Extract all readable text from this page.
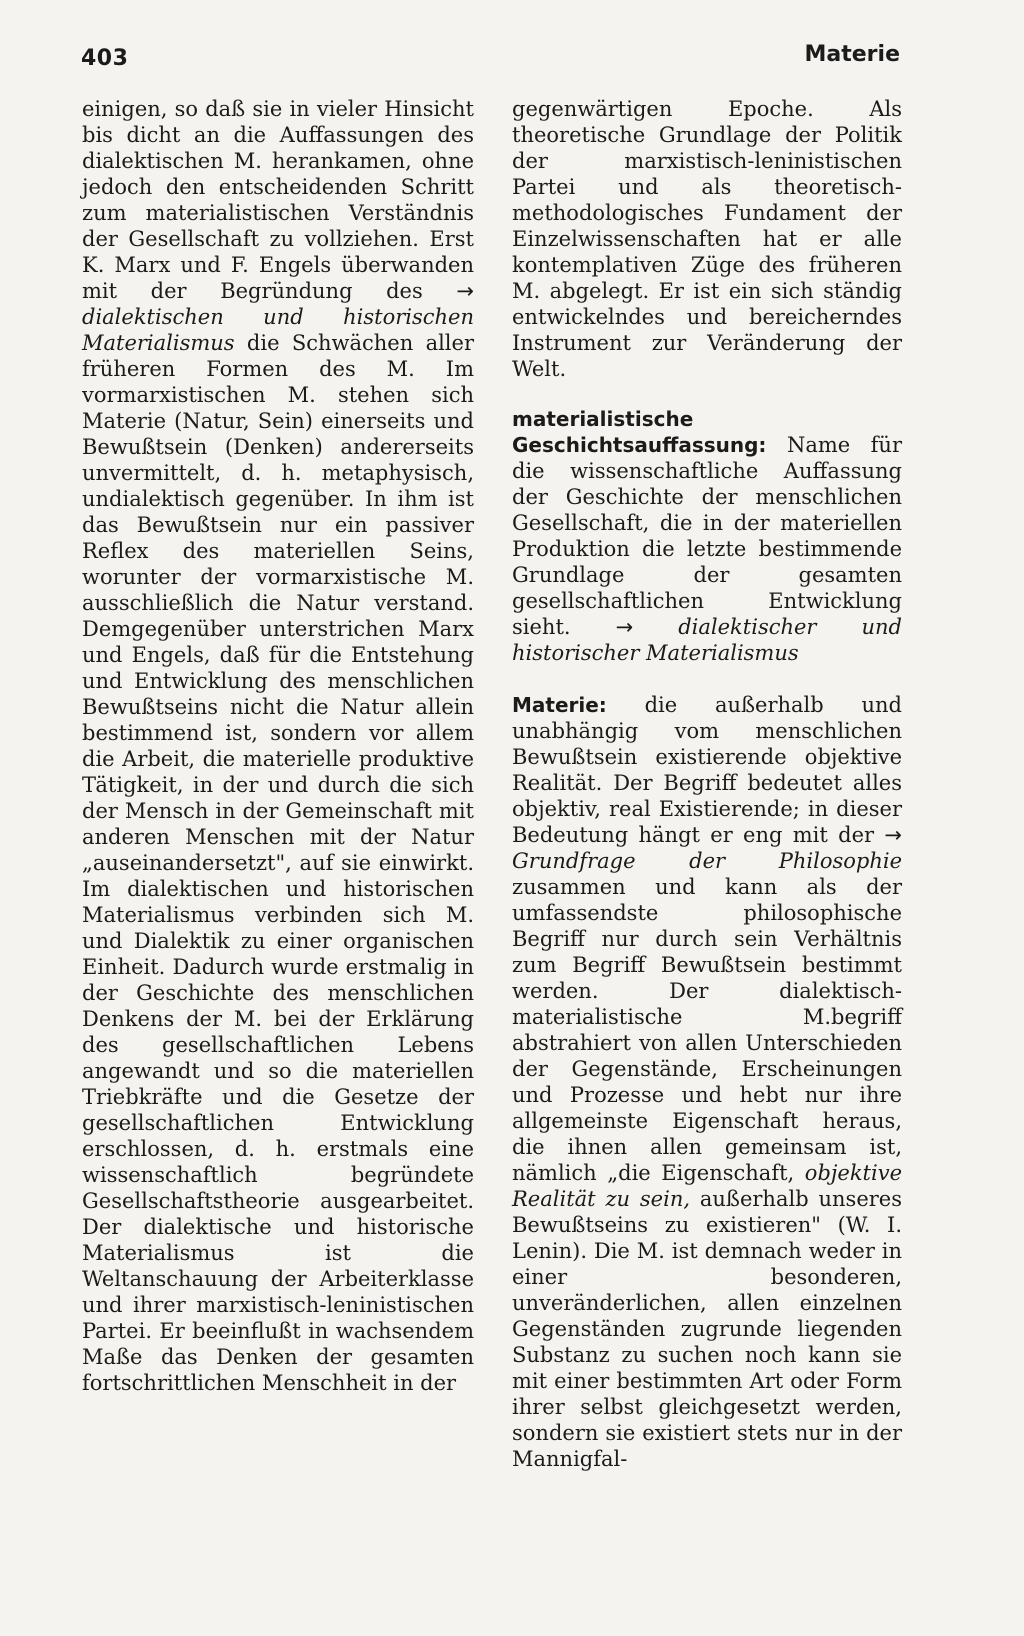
403	Materie

einigen, so daß sie in vieler Hinsicht bis dicht an die Auffassungen des dialektischen M. herankamen, ohne jedoch den entscheidenden Schritt zum materialistischen Verständnis der Gesellschaft zu vollziehen. Erst K. Marx und F. Engels überwanden mit der Begründung des → dialektischen und historischen Materialismus die Schwächen aller früheren Formen des M. Im vormarxistischen M. stehen sich Materie (Natur, Sein) einerseits und Bewußtsein (Denken) andererseits unvermittelt, d. h. metaphysisch, undialektisch gegenüber. In ihm ist das Bewußtsein nur ein passiver Reflex des materiellen Seins, worunter der vormarxistische M. ausschließlich die Natur verstand. Demgegenüber unterstrichen Marx und Engels, daß für die Entstehung und Entwicklung des menschlichen Bewußtseins nicht die Natur allein bestimmend ist, sondern vor allem die Arbeit, die materielle produktive Tätigkeit, in der und durch die sich der Mensch in der Gemeinschaft mit anderen Menschen mit der Natur „auseinandersetzt", auf sie einwirkt. Im dialektischen und historischen Materialismus verbinden sich M. und Dialektik zu einer organischen Einheit. Dadurch wurde erstmalig in der Geschichte des menschlichen Denkens der M. bei der Erklärung des gesellschaftlichen Lebens angewandt und so die materiellen Triebkräfte und die Gesetze der gesellschaftlichen Entwicklung erschlossen, d. h. erstmals eine wissenschaftlich begründete Gesellschaftstheorie ausgearbeitet. Der dialektische und historische Materialismus ist die Weltanschauung der Arbeiterklasse und ihrer marxistisch-leninistischen Partei. Er beeinflußt in wachsendem Maße das Denken der gesamten fortschrittlichen Menschheit in der

gegenwärtigen Epoche. Als theoretische Grundlage der Politik der marxistisch-leninistischen Partei und als theoretisch-methodologisches Fundament der Einzelwissenschaften hat er alle kontemplativen Züge des früheren M. abgelegt. Er ist ein sich ständig entwickelndes und bereicherndes Instrument zur Veränderung der Welt.

materialistische Geschichtsauffassung: Name für die wissenschaftliche Auffassung der Geschichte der menschlichen Gesellschaft, die in der materiellen Produktion die letzte bestimmende Grundlage der gesamten gesellschaftlichen Entwicklung sieht. → dialektischer und historischer Materialismus

Materie: die außerhalb und unabhängig vom menschlichen Bewußtsein existierende objektive Realität. Der Begriff bedeutet alles objektiv, real Existierende; in dieser Bedeutung hängt er eng mit der → Grundfrage der Philosophie zusammen und kann als der umfassendste philosophische Begriff nur durch sein Verhältnis zum Begriff Bewußtsein bestimmt werden. Der dialektisch-materialistische M.begriff abstrahiert von allen Unterschieden der Gegenstände, Erscheinungen und Prozesse und hebt nur ihre allgemeinste Eigenschaft heraus, die ihnen allen gemeinsam ist, nämlich „die Eigenschaft, objektive Realität zu sein, außerhalb unseres Bewußtseins zu existieren" (W. I. Lenin). Die M. ist demnach weder in einer besonderen, unveränderlichen, allen einzelnen Gegenständen zugrunde liegenden Substanz zu suchen noch kann sie mit einer bestimmten Art oder Form ihrer selbst gleichgesetzt werden, sondern sie existiert stets nur in der Mannigfal-
